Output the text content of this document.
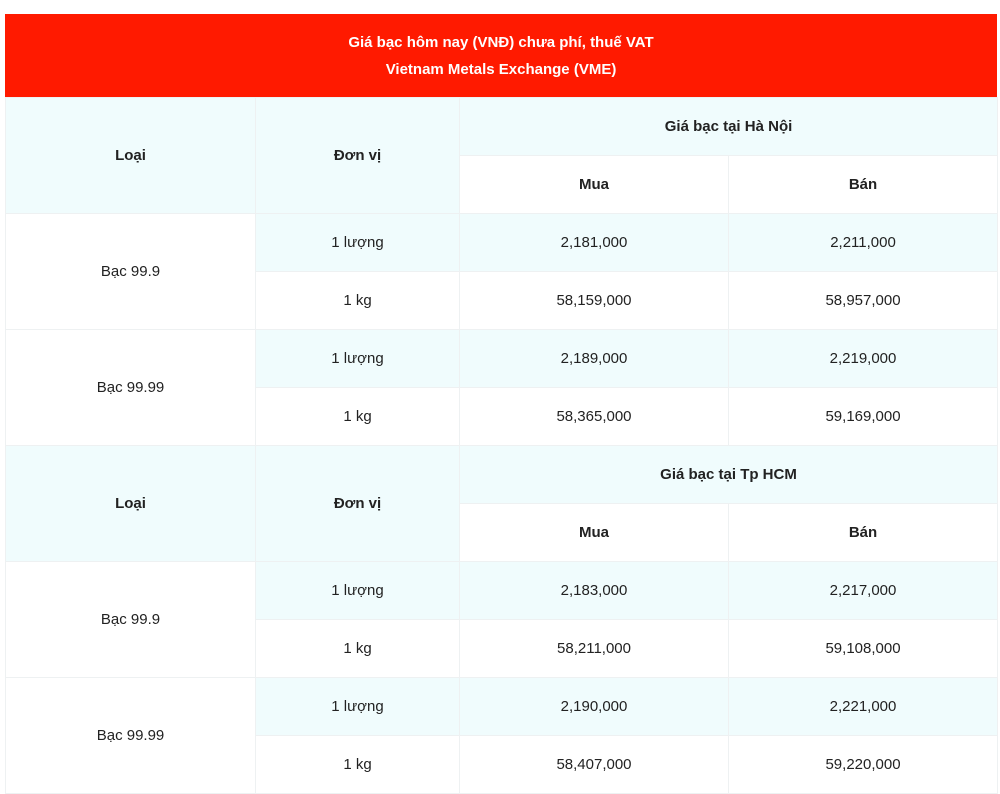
Giá bạc hôm nay (VNĐ) chưa phí, thuế VAT
Vietnam Metals Exchange (VME)
Loại	Đơn vị	Giá bạc tại Hà Nội	
		Mua	Bán
Bạc 99.9	1 lượng	2,181,000	2,211,000
	1 kg	58,159,000	58,957,000
Bạc 99.99	1 lượng	2,189,000	2,219,000
	1 kg	58,365,000	59,169,000
Loại	Đơn vị	Giá bạc tại Tp HCM	
		Mua	Bán
Bạc 99.9	1 lượng	2,183,000	2,217,000
	1 kg	58,211,000	59,108,000
Bạc 99.99	1 lượng	2,190,000	2,221,000
	1 kg	58,407,000	59,220,000
